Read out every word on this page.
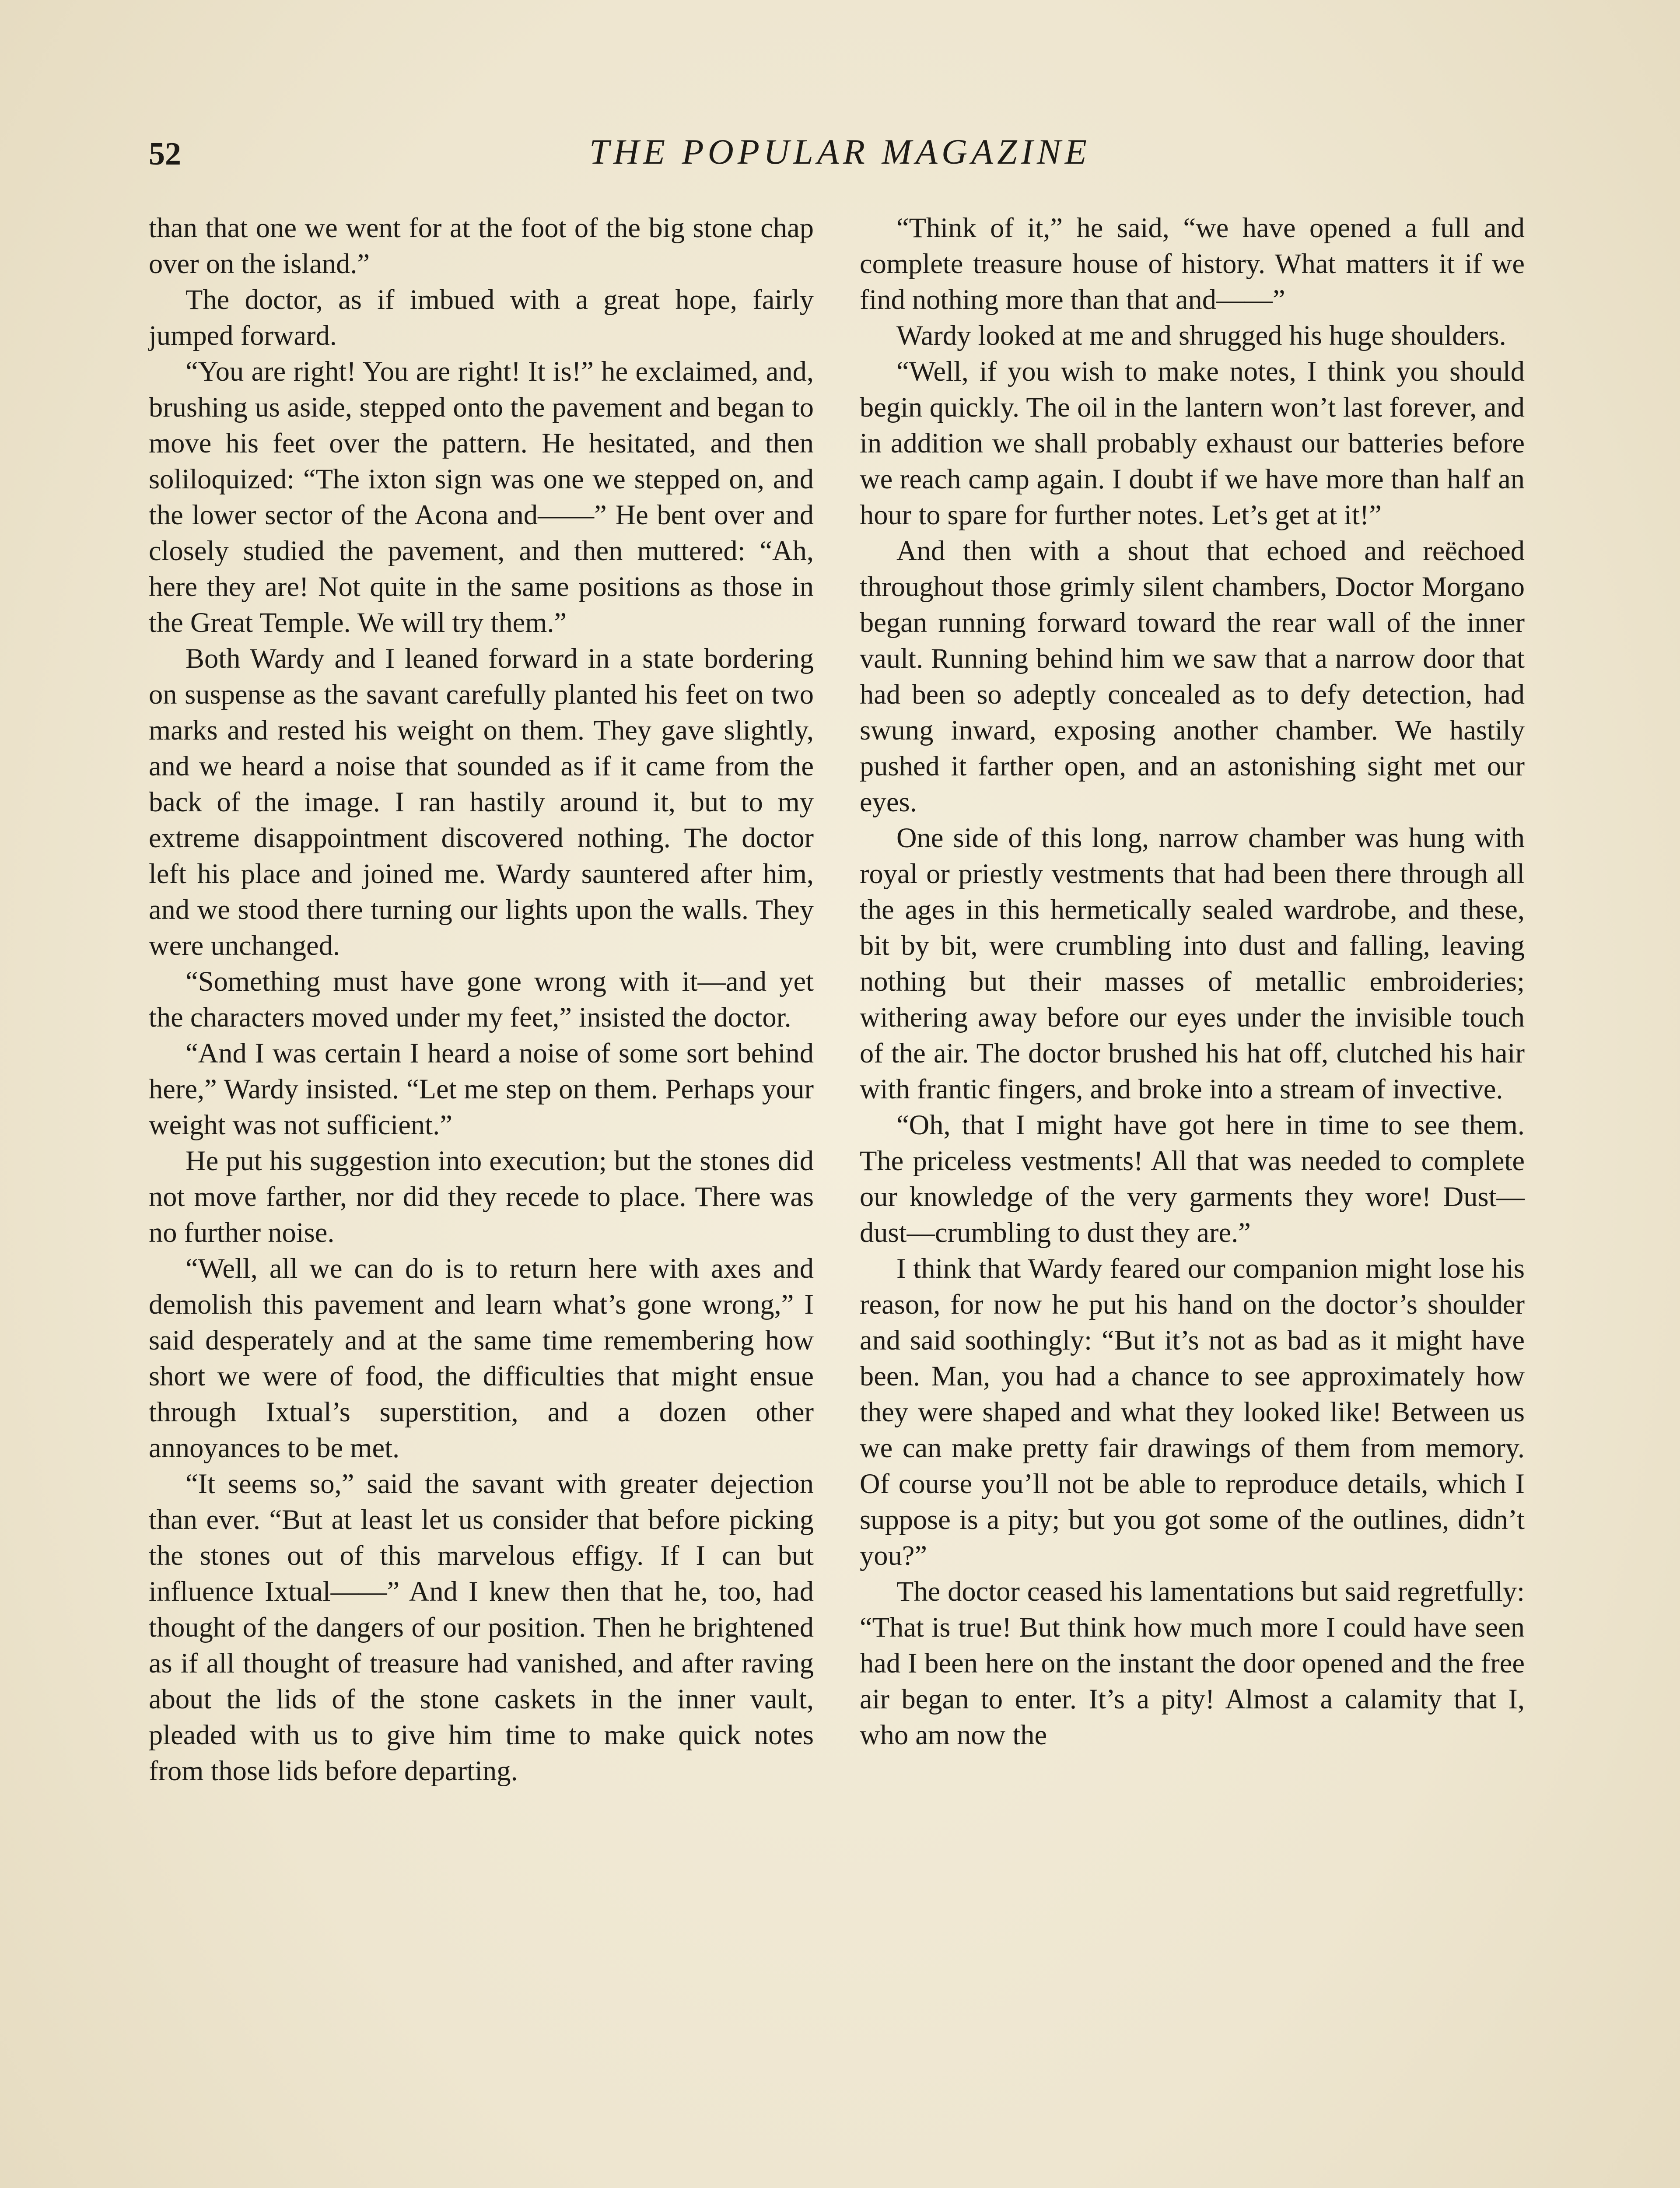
52	THE POPULAR MAGAZINE

than that one we went for at the foot of the big stone chap over on the island.”

The doctor, as if imbued with a great hope, fairly jumped forward.

“You are right! You are right! It is!” he exclaimed, and, brushing us aside, stepped onto the pavement and began to move his feet over the pattern. He hesitated, and then soliloquized: “The ixton sign was one we stepped on, and the lower sector of the Acona and——” He bent over and closely studied the pavement, and then muttered: “Ah, here they are! Not quite in the same positions as those in the Great Temple. We will try them.”

Both Wardy and I leaned forward in a state bordering on suspense as the savant carefully planted his feet on two marks and rested his weight on them. They gave slightly, and we heard a noise that sounded as if it came from the back of the image. I ran hastily around it, but to my extreme disappointment discovered nothing. The doctor left his place and joined me. Wardy sauntered after him, and we stood there turning our lights upon the walls. They were unchanged.

“Something must have gone wrong with it—and yet the characters moved under my feet,” insisted the doctor.

“And I was certain I heard a noise of some sort behind here,” Wardy insisted. “Let me step on them. Perhaps your weight was not sufficient.”

He put his suggestion into execution; but the stones did not move farther, nor did they recede to place. There was no further noise.

“Well, all we can do is to return here with axes and demolish this pavement and learn what’s gone wrong,” I said desperately and at the same time remembering how short we were of food, the difficulties that might ensue through Ixtual’s superstition, and a dozen other annoyances to be met.

“It seems so,” said the savant with greater dejection than ever. “But at least let us consider that before picking the stones out of this marvelous effigy. If I can but influence Ixtual——” And I knew then that he, too, had thought of the dangers of our position. Then he brightened as if all thought of treasure had vanished, and after raving about the lids of the stone caskets in the inner vault, pleaded with us to give him time to make quick notes from those lids before departing.

“Think of it,” he said, “we have opened a full and complete treasure house of history. What matters it if we find nothing more than that and——”

Wardy looked at me and shrugged his huge shoulders.

“Well, if you wish to make notes, I think you should begin quickly. The oil in the lantern won’t last forever, and in addition we shall probably exhaust our batteries before we reach camp again. I doubt if we have more than half an hour to spare for further notes. Let’s get at it!”

And then with a shout that echoed and reëchoed throughout those grimly silent chambers, Doctor Morgano began running forward toward the rear wall of the inner vault. Running behind him we saw that a narrow door that had been so adeptly concealed as to defy detection, had swung inward, exposing another chamber. We hastily pushed it farther open, and an astonishing sight met our eyes.

One side of this long, narrow chamber was hung with royal or priestly vestments that had been there through all the ages in this hermetically sealed wardrobe, and these, bit by bit, were crumbling into dust and falling, leaving nothing but their masses of metallic embroideries; withering away before our eyes under the invisible touch of the air. The doctor brushed his hat off, clutched his hair with frantic fingers, and broke into a stream of invective.

“Oh, that I might have got here in time to see them. The priceless vestments! All that was needed to complete our knowledge of the very garments they wore! Dust—dust—crumbling to dust they are.”

I think that Wardy feared our companion might lose his reason, for now he put his hand on the doctor’s shoulder and said soothingly: “But it’s not as bad as it might have been. Man, you had a chance to see approximately how they were shaped and what they looked like! Between us we can make pretty fair drawings of them from memory. Of course you’ll not be able to reproduce details, which I suppose is a pity; but you got some of the outlines, didn’t you?”

The doctor ceased his lamentations but said regretfully: “That is true! But think how much more I could have seen had I been here on the instant the door opened and the free air began to enter. It’s a pity! Almost a calamity that I, who am now the
